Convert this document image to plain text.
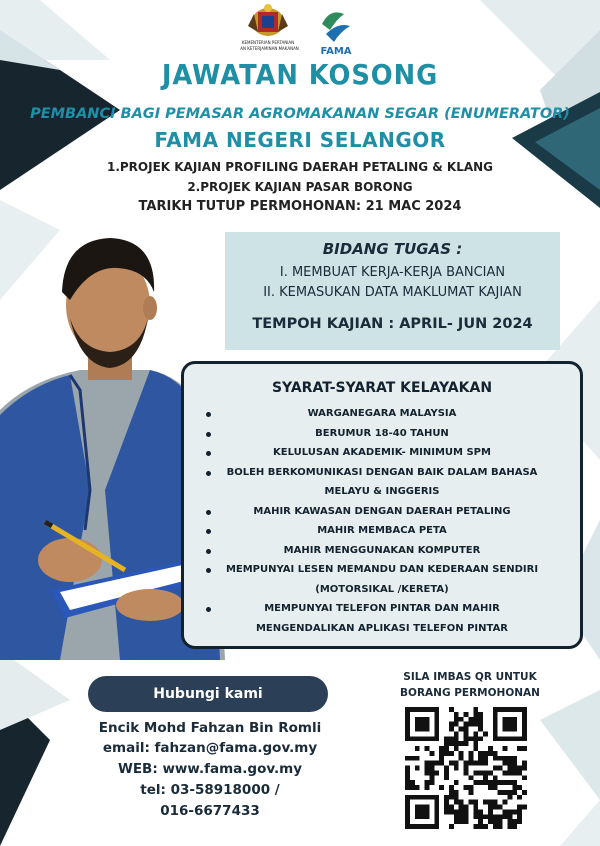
KEMENTERIAN PERTANIAN
DAN KETERJAMINAN MAKANAN FAMA
JAWATAN KOSONG
PEMBANCI BAGI PEMASAR AGROMAKANAN SEGAR (ENUMERATOR)
FAMA NEGERI SELANGOR
1.PROJEK KAJIAN PROFILING DAERAH PETALING & KLANG
2.PROJEK KAJIAN PASAR BORONG
TARIKH TUTUP PERMOHONAN: 21 MAC 2024
BIDANG TUGAS :
I. MEMBUAT KERJA-KERJA BANCIAN
II. KEMASUKAN DATA MAKLUMAT KAJIAN
TEMPOH KAJIAN : APRIL- JUN 2024
SYARAT-SYARAT KELAYAKAN
WARGANEGARA MALAYSIA
BERUMUR 18-40 TAHUN
KELULUSAN AKADEMIK- MINIMUM SPM
BOLEH BERKOMUNIKASI DENGAN BAIK DALAM BAHASA
MELAYU & INGGERIS
MAHIR KAWASAN DENGAN DAERAH PETALING
MAHIR MEMBACA PETA
MAHIR MENGGUNAKAN KOMPUTER
MEMPUNYAI LESEN MEMANDU DAN KEDERAAN SENDIRI
(MOTORSIKAL /KERETA)
MEMPUNYAI TELEFON PINTAR DAN MAHIR
MENGENDALIKAN APLIKASI TELEFON PINTAR
Hubungi kami
Encik Mohd Fahzan Bin Romli
email: fahzan@fama.gov.my
WEB: www.fama.gov.my
tel: 03-58918000 /
016-6677433
SILA IMBAS QR UNTUK
BORANG PERMOHONAN
